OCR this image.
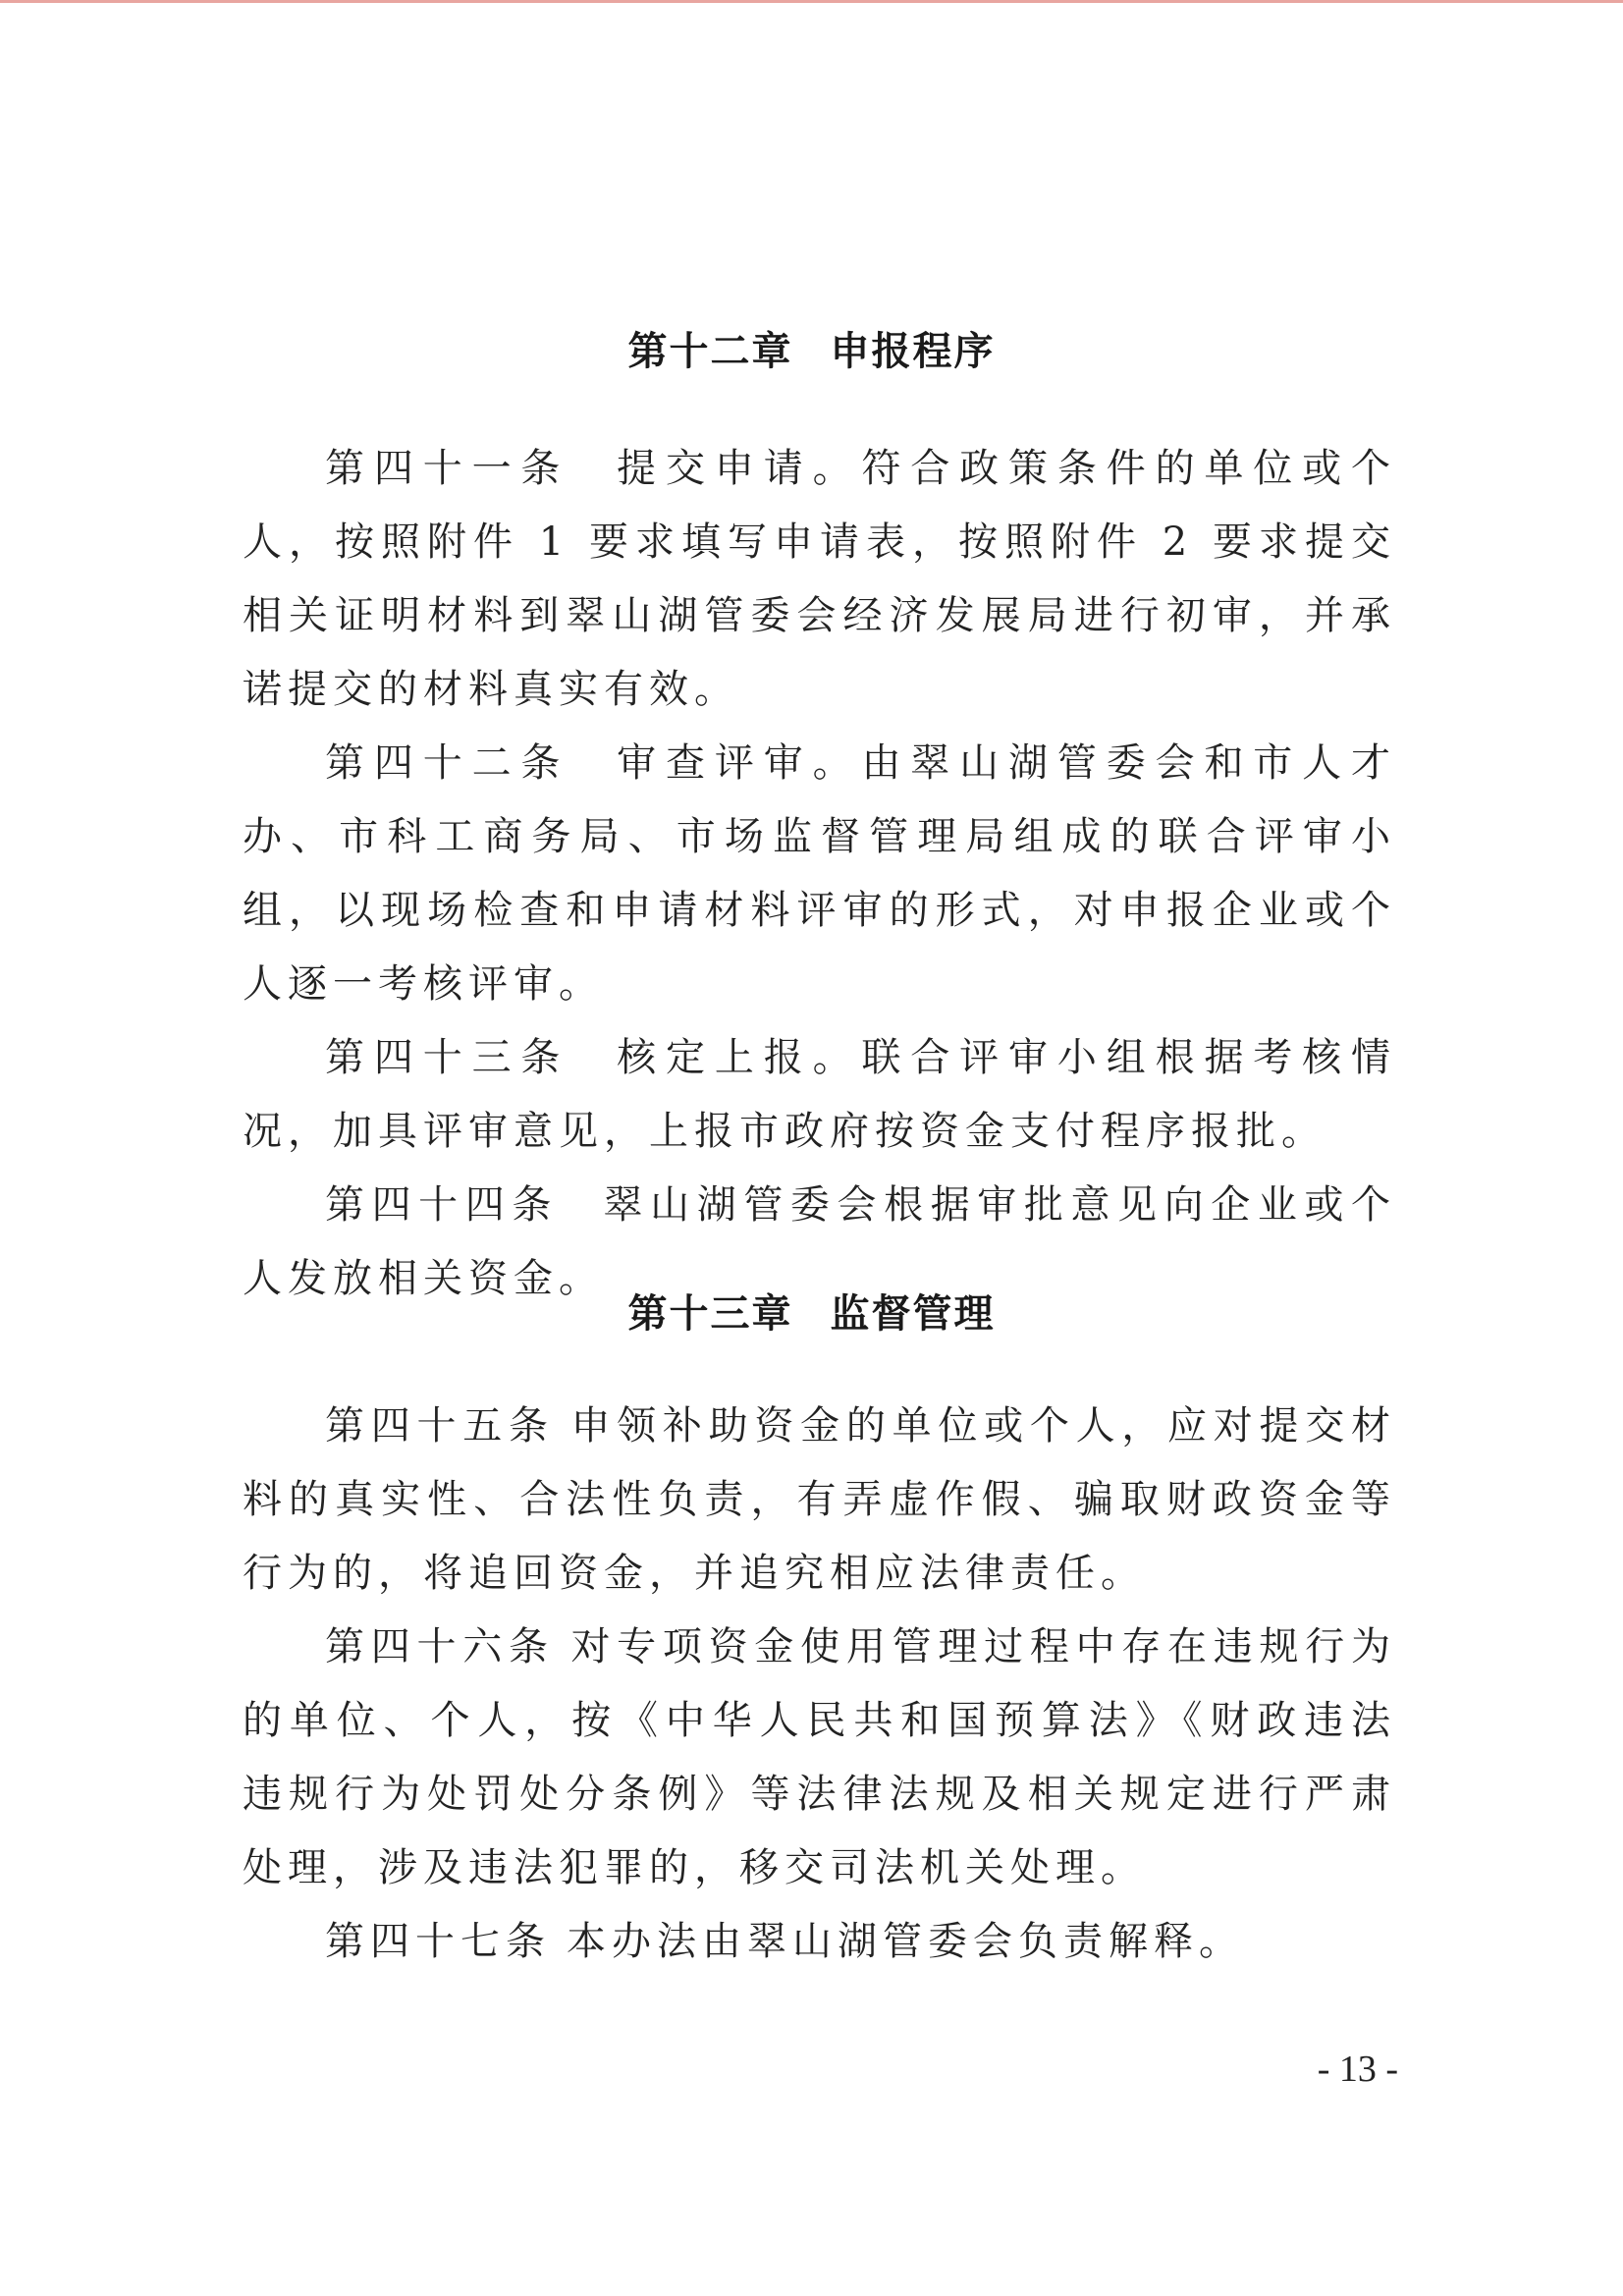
第十二章 申报程序

第四十一条 提交申请。符合政策条件的单位或个人，按照附件 1 要求填写申请表，按照附件 2 要求提交相关证明材料到翠山湖管委会经济发展局进行初审，并承诺提交的材料真实有效。

第四十二条 审查评审。由翠山湖管委会和市人才办、市科工商务局、市场监督管理局组成的联合评审小组，以现场检查和申请材料评审的形式，对申报企业或个人逐一考核评审。

第四十三条 核定上报。联合评审小组根据考核情况，加具评审意见，上报市政府按资金支付程序报批。

第四十四条 翠山湖管委会根据审批意见向企业或个人发放相关资金。

第十三章 监督管理

第四十五条 申领补助资金的单位或个人，应对提交材料的真实性、合法性负责，有弄虚作假、骗取财政资金等行为的，将追回资金，并追究相应法律责任。

第四十六条 对专项资金使用管理过程中存在违规行为的单位、个人，按《中华人民共和国预算法》《财政违法违规行为处罚处分条例》等法律法规及相关规定进行严肃处理，涉及违法犯罪的，移交司法机关处理。

第四十七条 本办法由翠山湖管委会负责解释。

- 13 -
